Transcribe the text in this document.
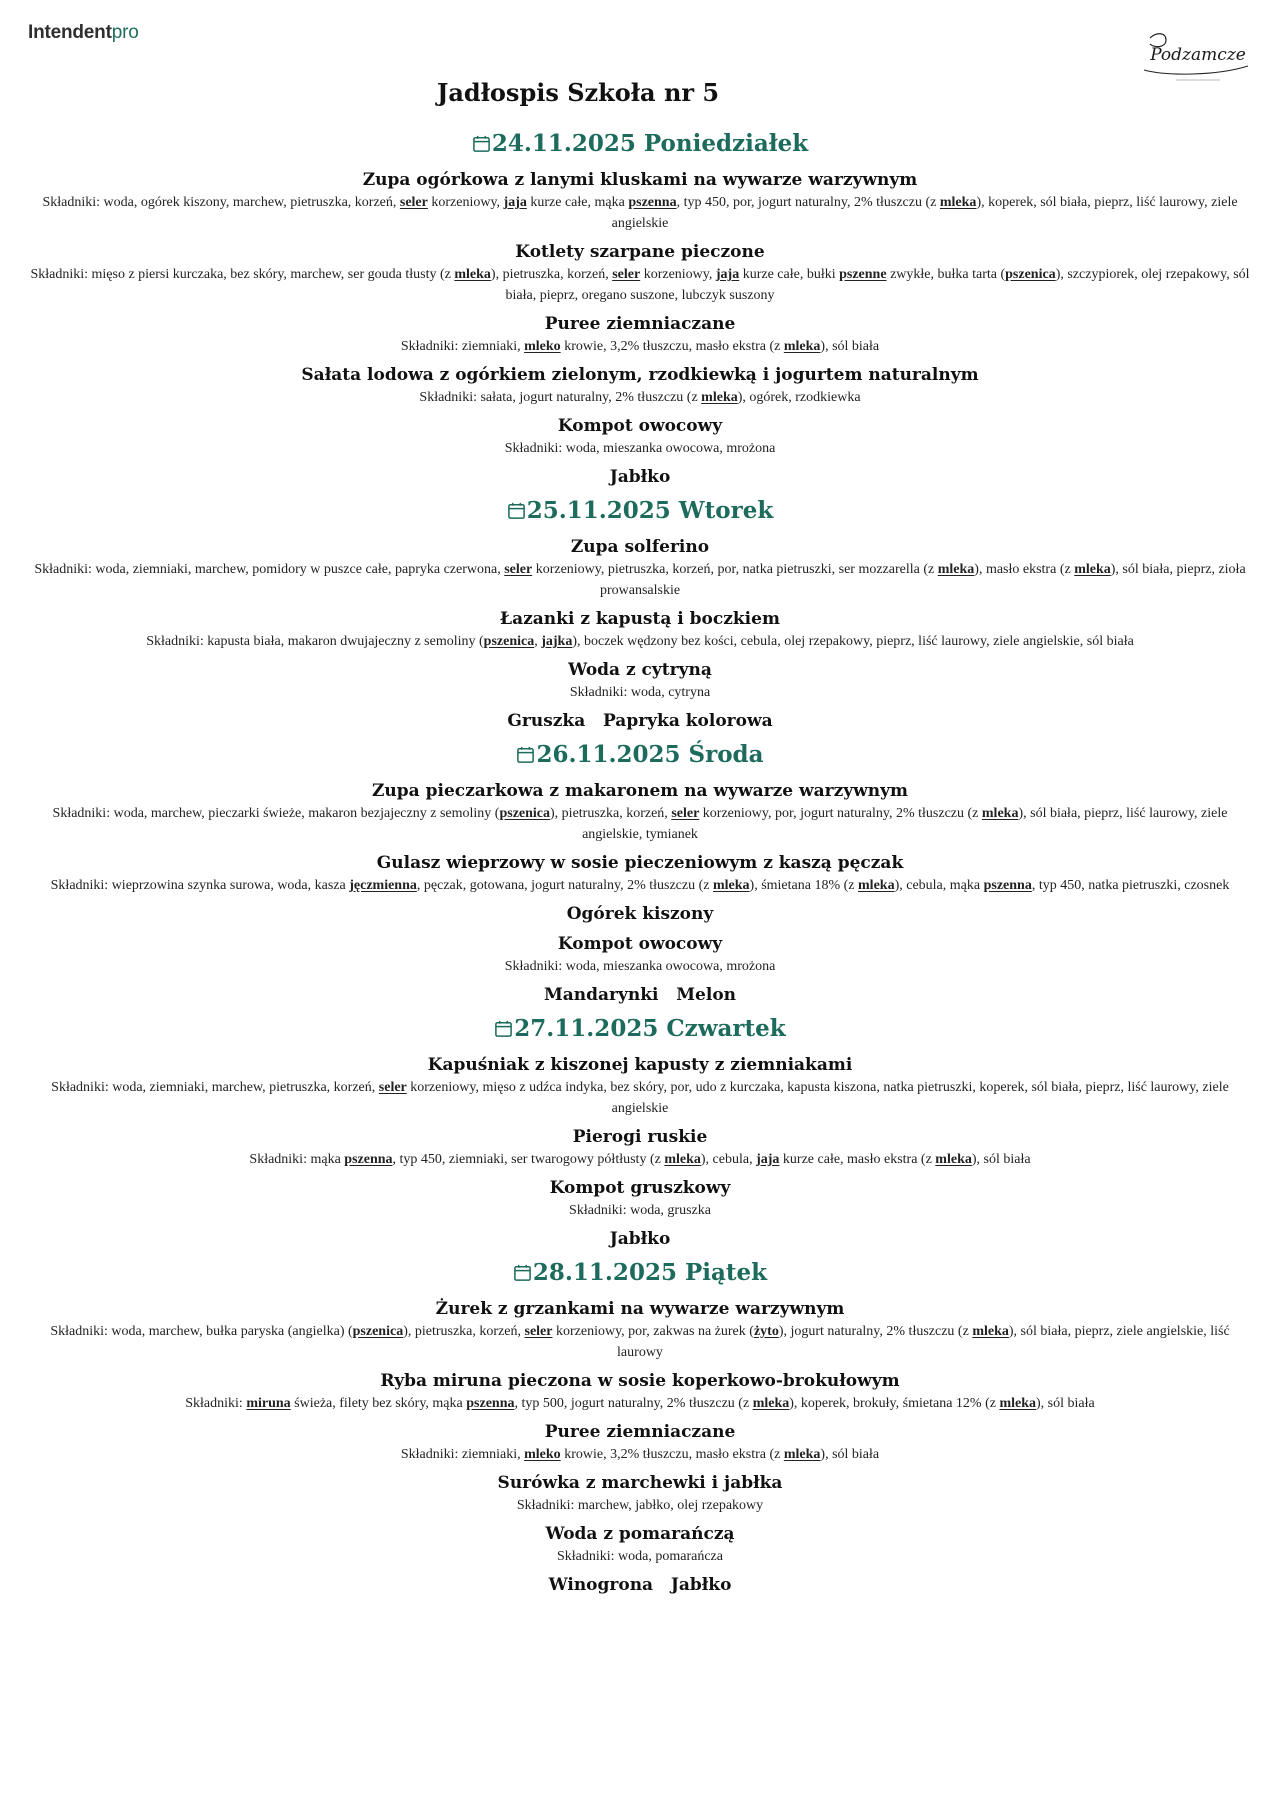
Intendentpro
Podzamcze
Jadłospis Szkoła nr 5
24.11.2025 Poniedziałek
Zupa ogórkowa z lanymi kluskami na wywarze warzywnym
Składniki: woda, ogórek kiszony, marchew, pietruszka, korzeń, seler korzeniowy, jaja kurze całe, mąka pszenna, typ 450, por, jogurt naturalny, 2% tłuszczu (z mleka), koperek, sól biała, pieprz, liść laurowy, ziele angielskie
Kotlety szarpane pieczone
Składniki: mięso z piersi kurczaka, bez skóry, marchew, ser gouda tłusty (z mleka), pietruszka, korzeń, seler korzeniowy, jaja kurze całe, bułki pszenne zwykłe, bułka tarta (pszenica), szczypiorek, olej rzepakowy, sól biała, pieprz, oregano suszone, lubczyk suszony
Puree ziemniaczane
Składniki: ziemniaki, mleko krowie, 3,2% tłuszczu, masło ekstra (z mleka), sól biała
Sałata lodowa z ogórkiem zielonym, rzodkiewką i jogurtem naturalnym
Składniki: sałata, jogurt naturalny, 2% tłuszczu (z mleka), ogórek, rzodkiewka
Kompot owocowy
Składniki: woda, mieszanka owocowa, mrożona
Jabłko
25.11.2025 Wtorek
Zupa solferino
Składniki: woda, ziemniaki, marchew, pomidory w puszce całe, papryka czerwona, seler korzeniowy, pietruszka, korzeń, por, natka pietruszki, ser mozzarella (z mleka), masło ekstra (z mleka), sól biała, pieprz, zioła prowansalskie
Łazanki z kapustą i boczkiem
Składniki: kapusta biała, makaron dwujajeczny z semoliny (pszenica, jajka), boczek wędzony bez kości, cebula, olej rzepakowy, pieprz, liść laurowy, ziele angielskie, sól biała
Woda z cytryną
Składniki: woda, cytryna
Gruszka   Papryka kolorowa
26.11.2025 Środa
Zupa pieczarkowa z makaronem na wywarze warzywnym
Składniki: woda, marchew, pieczarki świeże, makaron bezjajeczny z semoliny (pszenica), pietruszka, korzeń, seler korzeniowy, por, jogurt naturalny, 2% tłuszczu (z mleka), sól biała, pieprz, liść laurowy, ziele angielskie, tymianek
Gulasz wieprzowy w sosie pieczeniowym z kaszą pęczak
Składniki: wieprzowina szynka surowa, woda, kasza jęczmienna, pęczak, gotowana, jogurt naturalny, 2% tłuszczu (z mleka), śmietana 18% (z mleka), cebula, mąka pszenna, typ 450, natka pietruszki, czosnek
Ogórek kiszony
Kompot owocowy
Składniki: woda, mieszanka owocowa, mrożona
Mandarynki   Melon
27.11.2025 Czwartek
Kapuśniak z kiszonej kapusty z ziemniakami
Składniki: woda, ziemniaki, marchew, pietruszka, korzeń, seler korzeniowy, mięso z udźca indyka, bez skóry, por, udo z kurczaka, kapusta kiszona, natka pietruszki, koperek, sól biała, pieprz, liść laurowy, ziele angielskie
Pierogi ruskie
Składniki: mąka pszenna, typ 450, ziemniaki, ser twarogowy półtłusty (z mleka), cebula, jaja kurze całe, masło ekstra (z mleka), sól biała
Kompot gruszkowy
Składniki: woda, gruszka
Jabłko
28.11.2025 Piątek
Żurek z grzankami na wywarze warzywnym
Składniki: woda, marchew, bułka paryska (angielka) (pszenica), pietruszka, korzeń, seler korzeniowy, por, zakwas na żurek (żyto), jogurt naturalny, 2% tłuszczu (z mleka), sól biała, pieprz, ziele angielskie, liść laurowy
Ryba miruna pieczona w sosie koperkowo-brokułowym
Składniki: miruna świeża, filety bez skóry, mąka pszenna, typ 500, jogurt naturalny, 2% tłuszczu (z mleka), koperek, brokuły, śmietana 12% (z mleka), sól biała
Puree ziemniaczane
Składniki: ziemniaki, mleko krowie, 3,2% tłuszczu, masło ekstra (z mleka), sól biała
Surówka z marchewki i jabłka
Składniki: marchew, jabłko, olej rzepakowy
Woda z pomarańczą
Składniki: woda, pomarańcza
Winogrona   Jabłko
